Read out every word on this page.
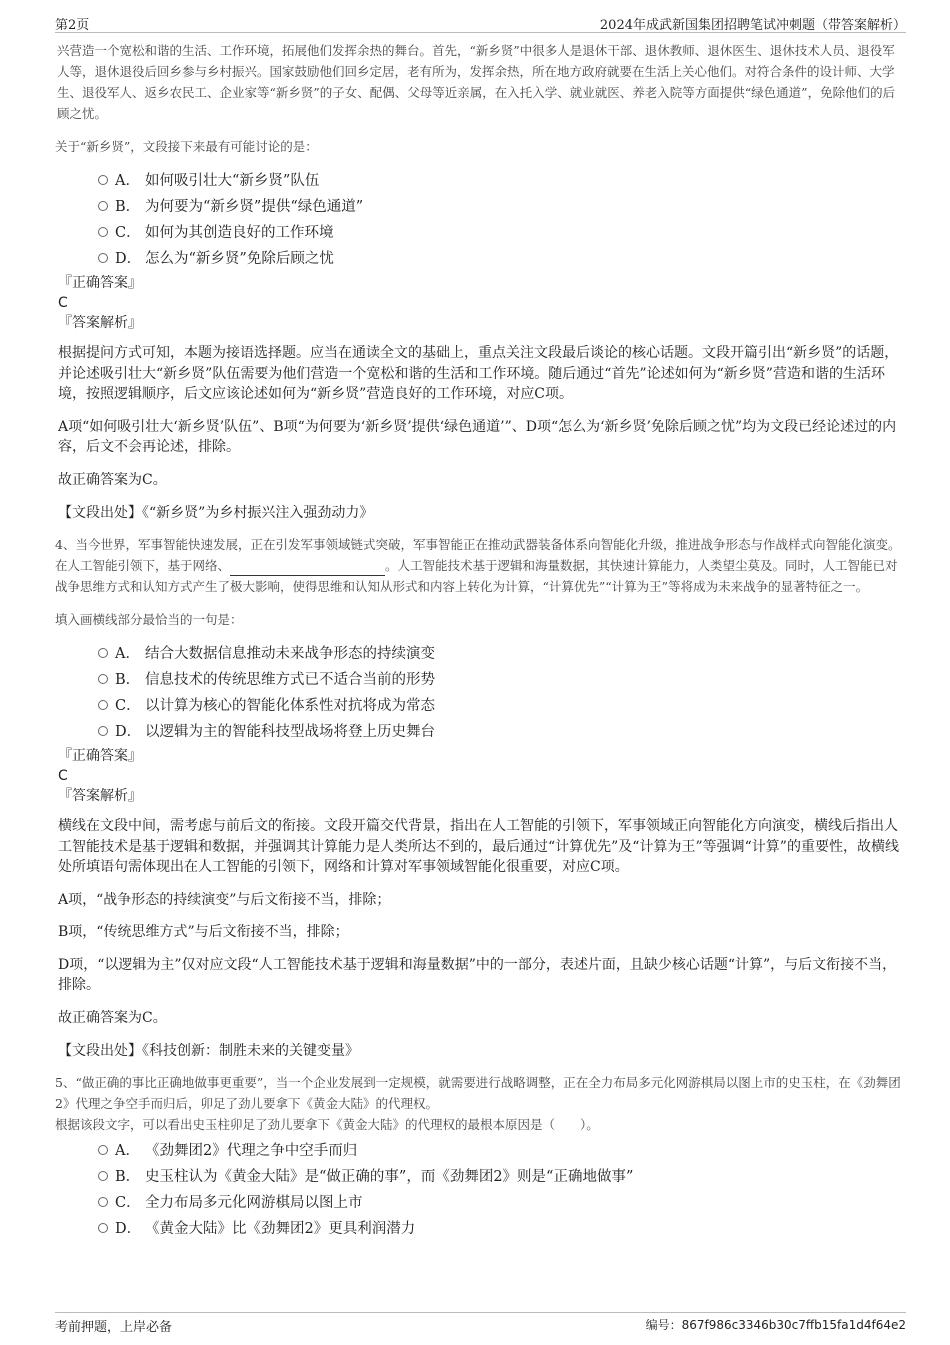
第2页	2024年成武新国集团招聘笔试冲刺题（带答案解析）

兴营造一个宽松和谐的生活、工作环境，拓展他们发挥余热的舞台。首先，“新乡贤”中很多人是退休干部、退休教师、退休医生、退休技术人员、退役军人等，退休退役后回乡参与乡村振兴。国家鼓励他们回乡定居，老有所为，发挥余热，所在地方政府就要在生活上关心他们。对符合条件的设计师、大学生、退役军人、返乡农民工、企业家等“新乡贤”的子女、配偶、父母等近亲属，在入托入学、就业就医、养老入院等方面提供“绿色通道”，免除他们的后顾之忧。

关于“新乡贤”，文段接下来最有可能讨论的是：

A． 如何吸引壮大“新乡贤”队伍
B． 为何要为“新乡贤”提供“绿色通道”
C． 如何为其创造良好的工作环境
D． 怎么为“新乡贤”免除后顾之忧

『正确答案』

C

『答案解析』

根据提问方式可知，本题为接语选择题。应当在通读全文的基础上，重点关注文段最后谈论的核心话题。文段开篇引出“新乡贤”的话题，并论述吸引壮大“新乡贤”队伍需要为他们营造一个宽松和谐的生活和工作环境。随后通过“首先”论述如何为“新乡贤”营造和谐的生活环境，按照逻辑顺序，后文应该论述如何为“新乡贤”营造良好的工作环境，对应C项。

A项“如何吸引壮大‘新乡贤’队伍”、B项“为何要为‘新乡贤’提供‘绿色通道’”、D项“怎么为‘新乡贤’免除后顾之忧”均为文段已经论述过的内容，后文不会再论述，排除。

故正确答案为C。

【文段出处】《“新乡贤”为乡村振兴注入强劲动力》

4、当今世界，军事智能快速发展，正在引发军事领域链式突破，军事智能正在推动武器装备体系向智能化升级，推进战争形态与作战样式向智能化演变。在人工智能引领下，基于网络、	。人工智能技术基于逻辑和海量数据，其快速计算能力，人类望尘莫及。同时，人工智能已对战争思维方式和认知方式产生了极大影响，使得思维和认知从形式和内容上转化为计算，“计算优先”“计算为王”等将成为未来战争的显著特征之一。

填入画横线部分最恰当的一句是：

A． 结合大数据信息推动未来战争形态的持续演变
B． 信息技术的传统思维方式已不适合当前的形势
C． 以计算为核心的智能化体系性对抗将成为常态
D． 以逻辑为主的智能科技型战场将登上历史舞台

『正确答案』

C

『答案解析』

横线在文段中间，需考虑与前后文的衔接。文段开篇交代背景，指出在人工智能的引领下，军事领域正向智能化方向演变，横线后指出人工智能技术是基于逻辑和数据，并强调其计算能力是人类所达不到的，最后通过“计算优先”及“计算为王”等强调“计算”的重要性，故横线处所填语句需体现出在人工智能的引领下，网络和计算对军事领域智能化很重要，对应C项。

A项，“战争形态的持续演变”与后文衔接不当，排除；

B项，“传统思维方式”与后文衔接不当，排除；

D项，“以逻辑为主”仅对应文段“人工智能技术基于逻辑和海量数据”中的一部分，表述片面，且缺少核心话题“计算”，与后文衔接不当，排除。

故正确答案为C。

【文段出处】《科技创新：制胜未来的关键变量》

5、“做正确的事比正确地做事更重要”，当一个企业发展到一定规模，就需要进行战略调整，正在全力布局多元化网游棋局以图上市的史玉柱，在《劲舞团2》代理之争空手而归后，卯足了劲儿要拿下《黄金大陆》的代理权。

根据该段文字，可以看出史玉柱卯足了劲儿要拿下《黄金大陆》的代理权的最根本原因是（　　）。

A． 《劲舞团2》代理之争中空手而归
B． 史玉柱认为《黄金大陆》是“做正确的事”，而《劲舞团2》则是“正确地做事”
C． 全力布局多元化网游棋局以图上市
D． 《黄金大陆》比《劲舞团2》更具利润潜力
考前押题，上岸必备	编号：867f986c3346b30c7ffb15fa1d4f64e2
